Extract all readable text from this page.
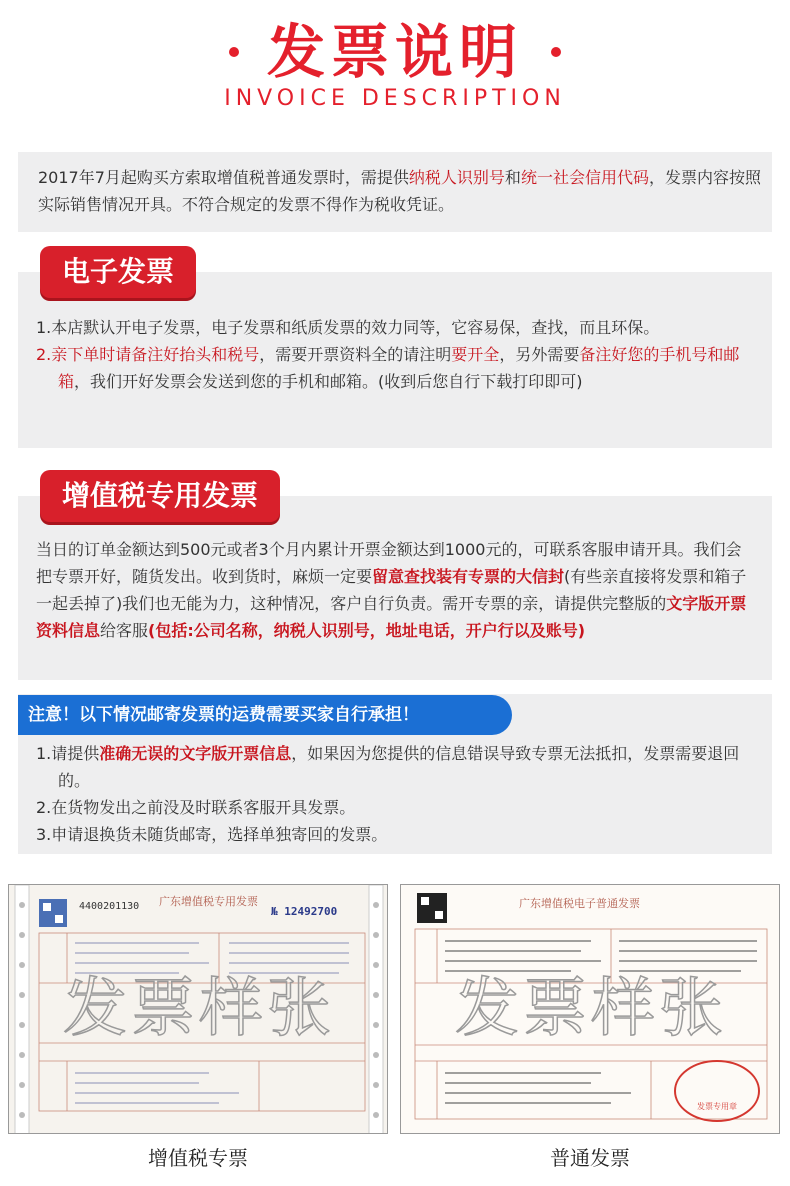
发票说明
INVOICE DESCRIPTION
2017年7月起购买方索取增值税普通发票时，需提供纳税人识别号和统一社会信用代码，发票内容按照实际销售情况开具。不符合规定的发票不得作为税收凭证。
1.本店默认开电子发票，电子发票和纸质发票的效力同等，它容易保，查找，而且环保。
2.亲下单时请备注好抬头和税号，需要开票资料全的请注明要开全，另外需要备注好您的手机号和邮箱，我们开好发票会发送到您的手机和邮箱。(收到后您自行下载打印即可)
电子发票
当日的订单金额达到500元或者3个月内累计开票金额达到1000元的，可联系客服申请开具。我们会把专票开好，随货发出。收到货时，麻烦一定要留意查找装有专票的大信封(有些亲直接将发票和箱子一起丢掉了)我们也无能为力，这种情况，客户自行负责。需开专票的亲，请提供完整版的文字版开票资料信息给客服(包括:公司名称，纳税人识别号，地址电话，开户行以及账号)
增值税专用发票
1.请提供准确无误的文字版开票信息，如果因为您提供的信息错误导致专票无法抵扣，发票需要退回的。
2.在货物发出之前没及时联系客服开具发票。
3.申请退换货未随货邮寄，选择单独寄回的发票。
注意！以下情况邮寄发票的运费需要买家自行承担！
4400201130 广东增值税专用发票
№ 12492700
发票样张
广东增值税电子普通发票
发票专用章
发票样张
增值税专票	普通发票
